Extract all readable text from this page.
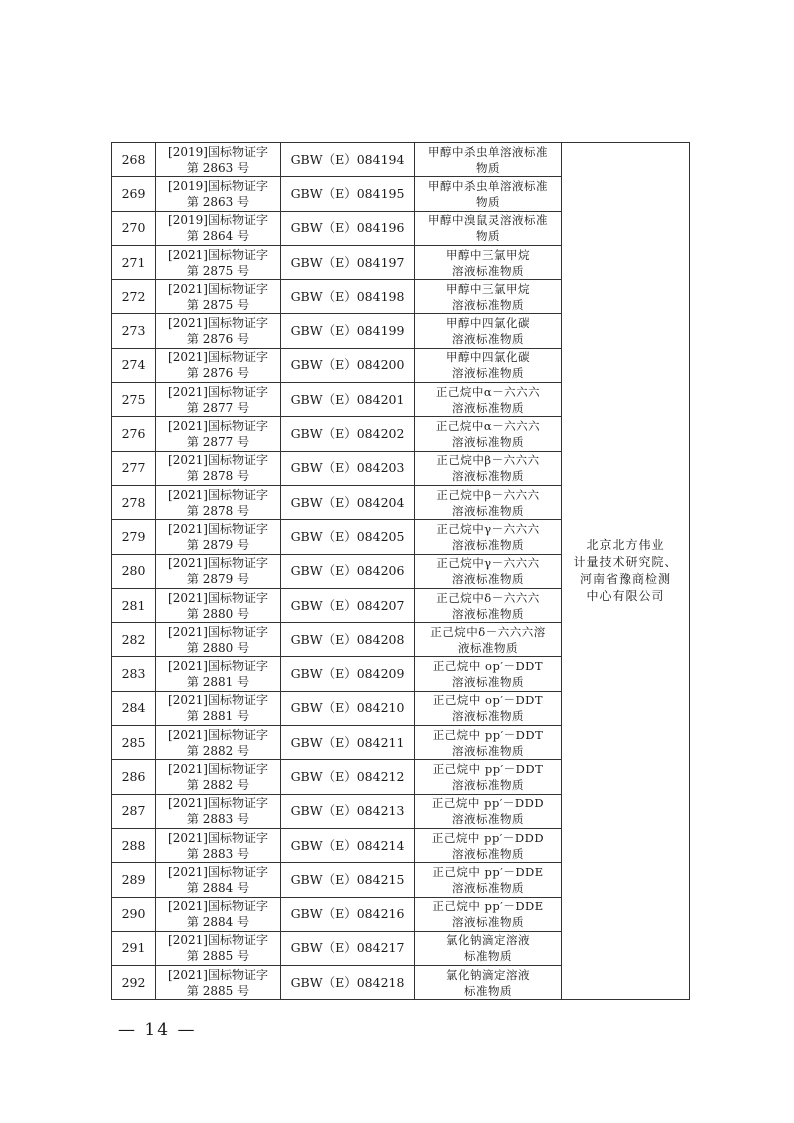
268	[2019]国标物证字
第 2863 号	GBW（E）084194	甲醇中杀虫单溶液标准
物质	北京北方伟业
计量技术研究院、
河南省豫商检测
中心有限公司

269	[2019]国标物证字
第 2863 号	GBW（E）084195	甲醇中杀虫单溶液标准
物质	

270	[2019]国标物证字
第 2864 号	GBW（E）084196	甲醇中溴鼠灵溶液标准
物质	

271	[2021]国标物证字
第 2875 号	GBW（E）084197	甲醇中三氯甲烷
溶液标准物质	

272	[2021]国标物证字
第 2875 号	GBW（E）084198	甲醇中三氯甲烷
溶液标准物质	

273	[2021]国标物证字
第 2876 号	GBW（E）084199	甲醇中四氯化碳
溶液标准物质	

274	[2021]国标物证字
第 2876 号	GBW（E）084200	甲醇中四氯化碳
溶液标准物质	

275	[2021]国标物证字
第 2877 号	GBW（E）084201	正己烷中α－六六六
溶液标准物质	

276	[2021]国标物证字
第 2877 号	GBW（E）084202	正己烷中α－六六六
溶液标准物质	

277	[2021]国标物证字
第 2878 号	GBW（E）084203	正己烷中β－六六六
溶液标准物质	

278	[2021]国标物证字
第 2878 号	GBW（E）084204	正己烷中β－六六六
溶液标准物质	

279	[2021]国标物证字
第 2879 号	GBW（E）084205	正己烷中γ－六六六
溶液标准物质	

280	[2021]国标物证字
第 2879 号	GBW（E）084206	正己烷中γ－六六六
溶液标准物质	

281	[2021]国标物证字
第 2880 号	GBW（E）084207	正己烷中δ－六六六
溶液标准物质	

282	[2021]国标物证字
第 2880 号	GBW（E）084208	正己烷中δ－六六六溶
液标准物质	

283	[2021]国标物证字
第 2881 号	GBW（E）084209	正己烷中 op′－DDT
溶液标准物质	

284	[2021]国标物证字
第 2881 号	GBW（E）084210	正己烷中 op′－DDT
溶液标准物质	

285	[2021]国标物证字
第 2882 号	GBW（E）084211	正己烷中 pp′－DDT
溶液标准物质	

286	[2021]国标物证字
第 2882 号	GBW（E）084212	正己烷中 pp′－DDT
溶液标准物质	

287	[2021]国标物证字
第 2883 号	GBW（E）084213	正己烷中 pp′－DDD
溶液标准物质	

288	[2021]国标物证字
第 2883 号	GBW（E）084214	正己烷中 pp′－DDD
溶液标准物质	

289	[2021]国标物证字
第 2884 号	GBW（E）084215	正己烷中 pp′－DDE
溶液标准物质	

290	[2021]国标物证字
第 2884 号	GBW（E）084216	正己烷中 pp′－DDE
溶液标准物质	

291	[2021]国标物证字
第 2885 号	GBW（E）084217	氯化钠滴定溶液
标准物质	

292	[2021]国标物证字
第 2885 号	GBW（E）084218	氯化钠滴定溶液
标准物质	
— 14 —
